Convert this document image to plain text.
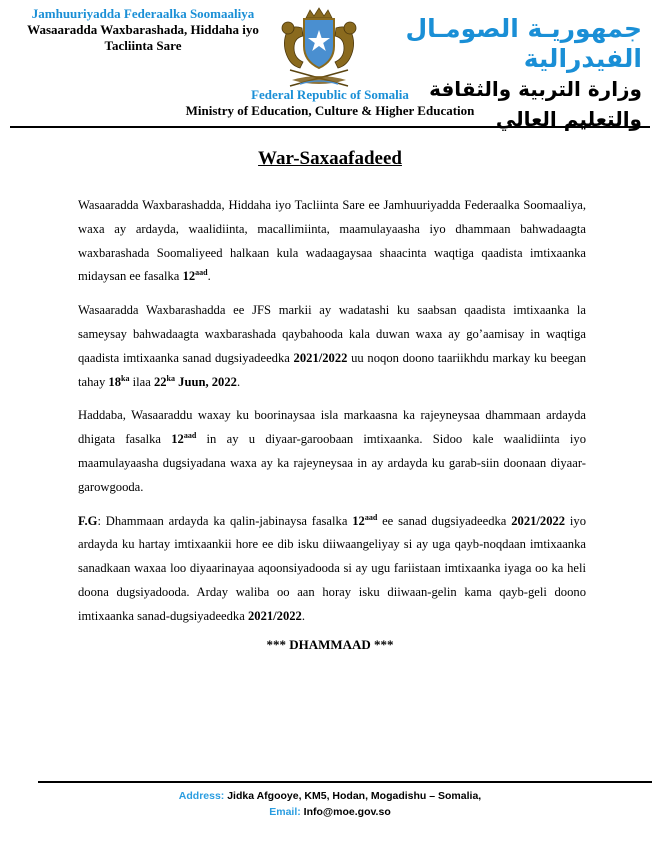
Jamhuuriyadda Federaalka Soomaaliya
Wasaaradda Waxbarashada, Hiddaha iyo
Tacliinta Sare
جمهوريـة الصومـال الفيدرالية
وزارة التربية والثقافة والتعليم العالي
Federal Republic of Somalia
Ministry of Education, Culture & Higher Education
War-Saxaafadeed

Wasaaradda Waxbarashadda, Hiddaha iyo Tacliinta Sare ee Jamhuuriyadda Federaalka Soomaaliya, waxa ay ardayda, waalidiinta, macallimiinta, maamulayaasha iyo dhammaan bahwadaagta waxbarashada Soomaliyeed halkaan kula wadaagaysaa shaacinta waqtiga qaadista imtixaanka midaysan ee fasalka $12^{aad}$.

Wasaaradda Waxbarashadda ee JFS markii ay wadatashi ku saabsan qaadista imtixaanka la sameysay bahwadaagta waxbarashada qaybahooda kala duwan waxa ay go’aamisay in waqtiga qaadista imtixaanka sanad dugsiyadeedka 2021/2022 uu noqon doono taariikhdu markay ku beegan tahay $18^{ka}$ ilaa $22^{ka}$ Juun, 2022.

Haddaba, Wasaaraddu waxay ku boorinaysaa isla markaasna ka rajeyneysaa dhammaan ardayda dhigata fasalka $12^{aad}$ in ay u diyaar-garoobaan imtixaanka. Sidoo kale waalidiinta iyo maamulayaasha dugsiyadana waxa ay ka rajeyneysaa in ay ardayda ku garab-siin doonaan diyaar-garowgooda.

F.G: Dhammaan ardayda ka qalin-jabinaysa fasalka $12^{aad}$ ee sanad dugsiyadeedka 2021/2022 iyo ardayda ku hartay imtixaankii hore ee dib isku diiwaangeliyay si ay uga qayb-noqdaan imtixaanka sanadkaan waxaa loo diyaarinayaa aqoonsiyadooda si ay ugu fariistaan imtixaanka iyaga oo ka heli doona dugsiyadooda. Arday waliba oo aan horay isku diiwaan-gelin kama qayb-geli doono imtixaanka sanad-dugsiyadeedka 2021/2022.

*** DHAMMAAD ***
Address: Jidka Afgooye, KM5, Hodan, Mogadishu – Somalia,
Email: Info@moe.gov.so
